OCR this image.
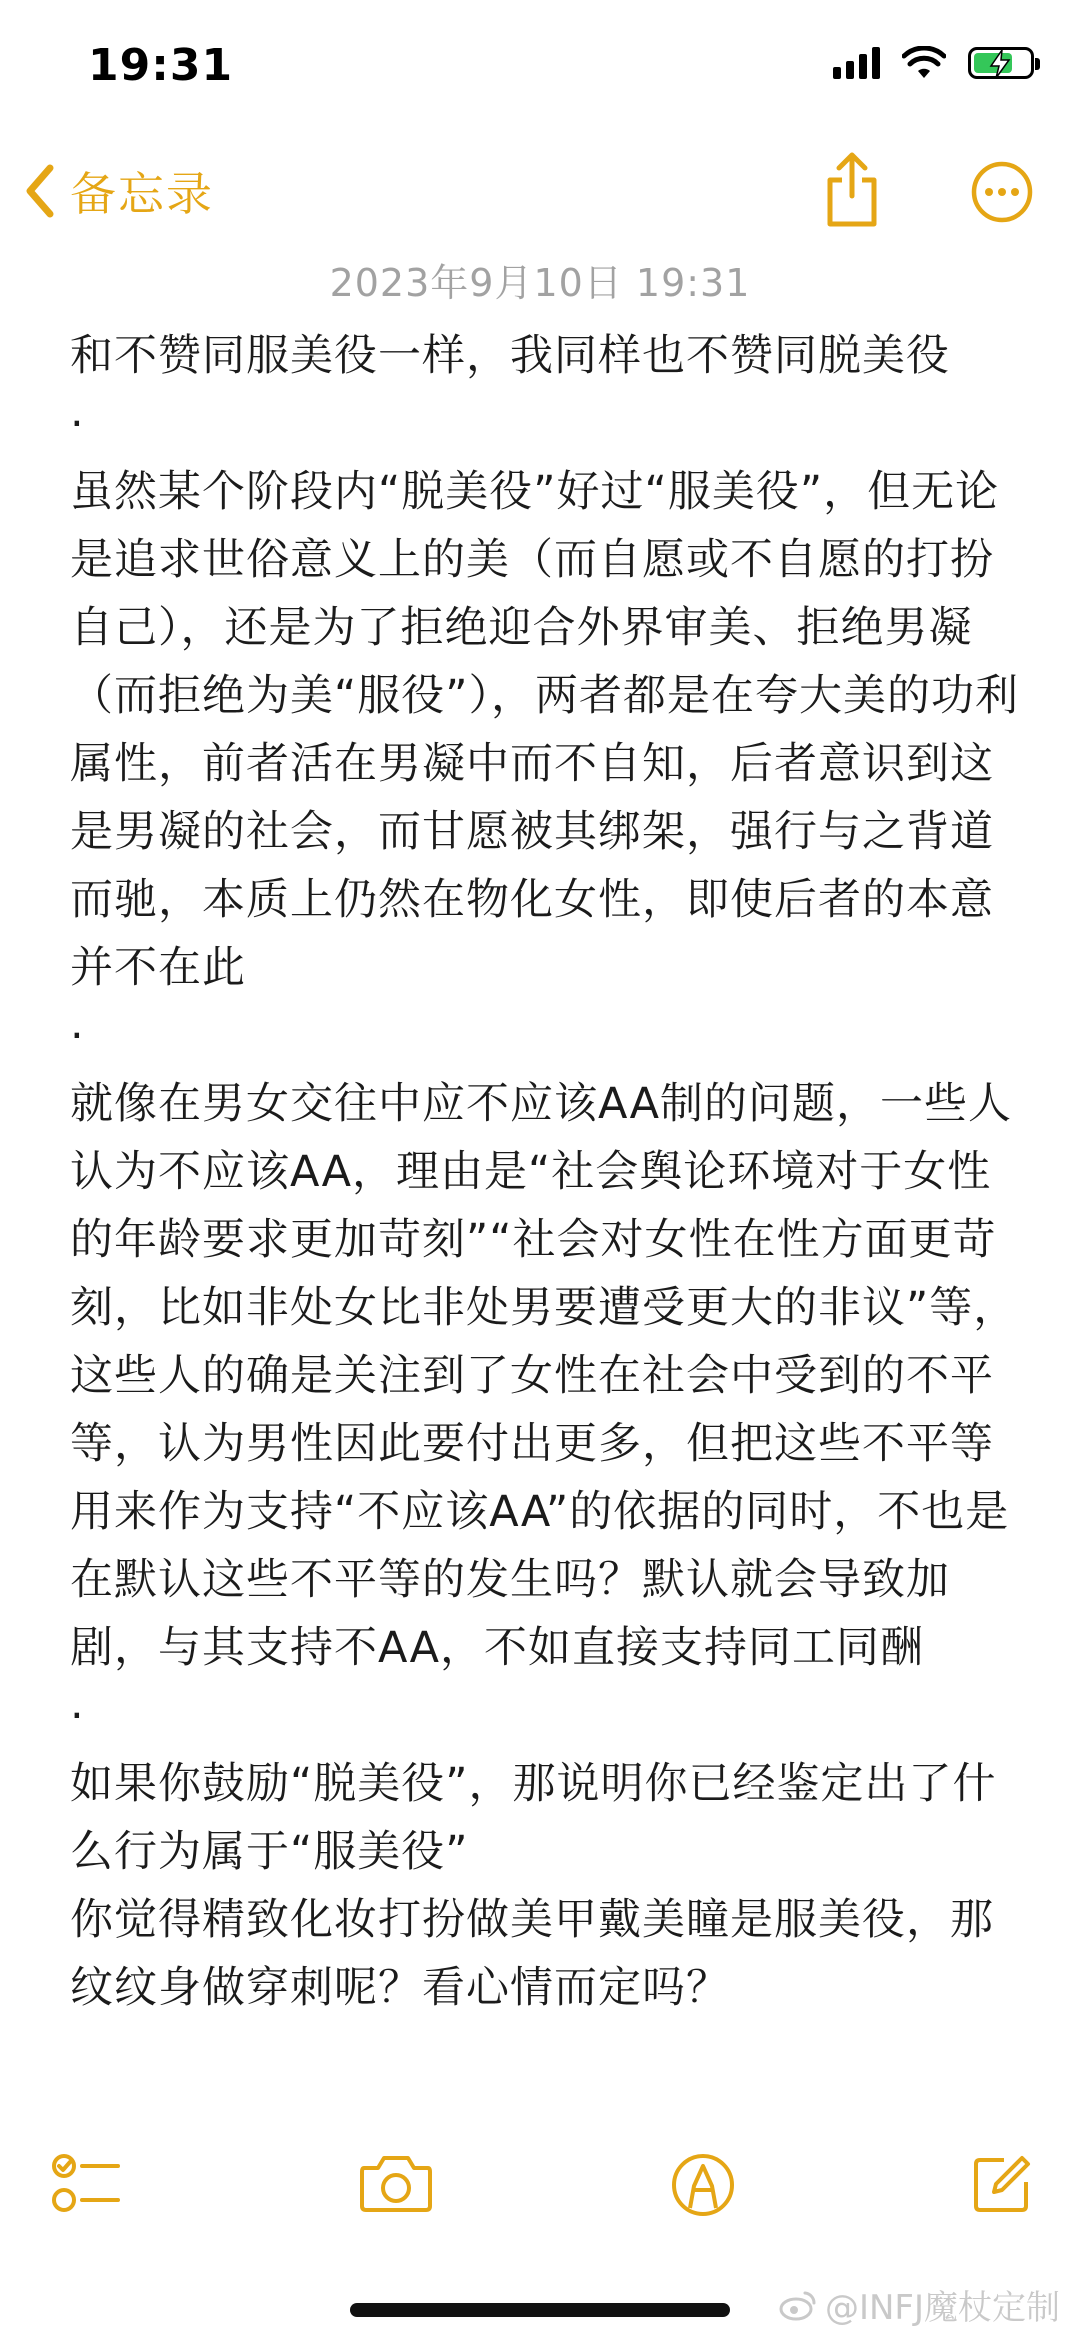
19:31
备忘录
2023年9月10日 19:31

和不赞同服美役一样，我同样也不赞同脱美役

·

虽然某个阶段内“脱美役”好过“服美役”，但无论是追求世俗意义上的美（而自愿或不自愿的打扮自己），还是为了拒绝迎合外界审美、拒绝男凝（而拒绝为美“服役”），两者都是在夸大美的功利属性，前者活在男凝中而不自知，后者意识到这是男凝的社会，而甘愿被其绑架，强行与之背道而驰，本质上仍然在物化女性，即使后者的本意并不在此

·

就像在男女交往中应不应该AA制的问题，一些人认为不应该AA，理由是“社会舆论环境对于女性的年龄要求更加苛刻”“社会对女性在性方面更苛刻，比如非处女比非处男要遭受更大的非议”等，这些人的确是关注到了女性在社会中受到的不平等，认为男性因此要付出更多，但把这些不平等用来作为支持“不应该AA”的依据的同时，不也是在默认这些不平等的发生吗？默认就会导致加剧，与其支持不AA，不如直接支持同工同酬

·

如果你鼓励“脱美役”，那说明你已经鉴定出了什么行为属于“服美役”

你觉得精致化妆打扮做美甲戴美瞳是服美役，那纹纹身做穿刺呢？看心情而定吗？

@INFJ魔杖定制
